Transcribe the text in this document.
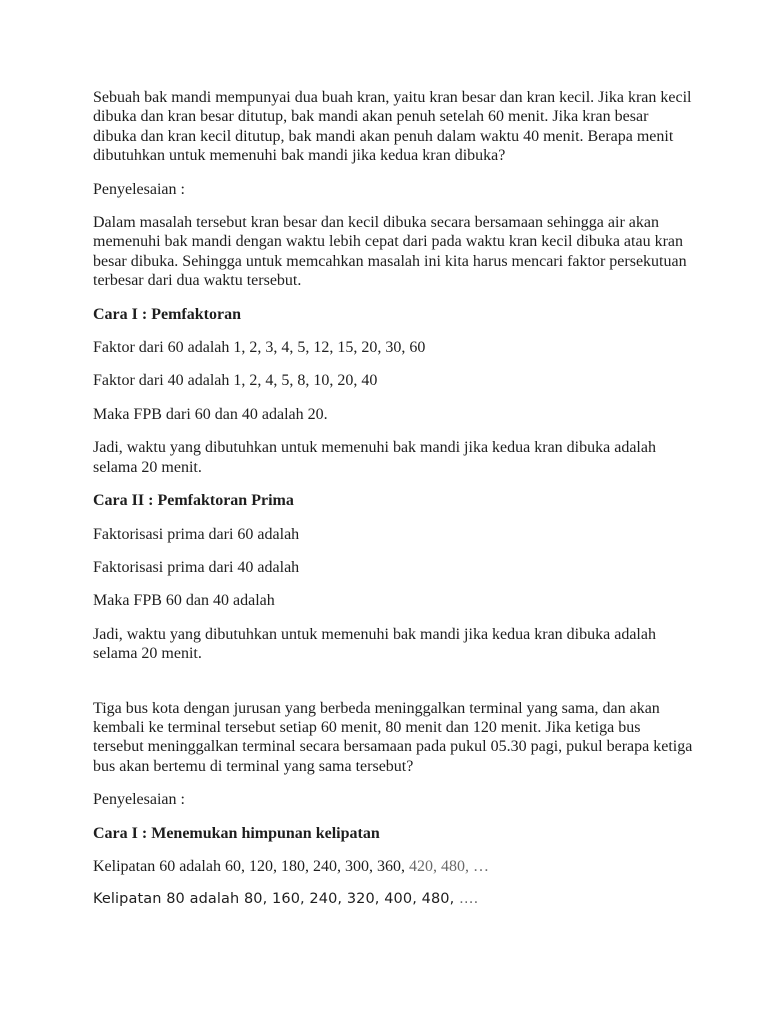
Sebuah bak mandi mempunyai dua buah kran, yaitu kran besar dan kran kecil. Jika kran kecil dibuka dan kran besar ditutup, bak mandi akan penuh setelah 60 menit. Jika kran besar dibuka dan kran kecil ditutup, bak mandi akan penuh dalam waktu 40 menit. Berapa menit dibutuhkan untuk memenuhi bak mandi jika kedua kran dibuka?

Penyelesaian :

Dalam masalah tersebut kran besar dan kecil dibuka secara bersamaan sehingga air akan memenuhi bak mandi dengan waktu lebih cepat dari pada waktu kran kecil dibuka atau kran besar dibuka. Sehingga untuk memcahkan masalah ini kita harus mencari faktor persekutuan terbesar dari dua waktu tersebut.

Cara I : Pemfaktoran

Faktor dari 60 adalah 1, 2, 3, 4, 5, 12, 15, 20, 30, 60

Faktor dari 40 adalah 1, 2, 4, 5, 8, 10, 20, 40

Maka FPB dari 60 dan 40 adalah 20.

Jadi, waktu yang dibutuhkan untuk memenuhi bak mandi jika kedua kran dibuka adalah selama 20 menit.

Cara II : Pemfaktoran Prima

Faktorisasi prima dari 60 adalah

Faktorisasi prima dari 40 adalah

Maka FPB 60 dan 40 adalah

Jadi, waktu yang dibutuhkan untuk memenuhi bak mandi jika kedua kran dibuka adalah selama 20 menit.

Tiga bus kota dengan jurusan yang berbeda meninggalkan terminal yang sama, dan akan kembali ke terminal tersebut setiap 60 menit, 80 menit dan 120 menit. Jika ketiga bus tersebut meninggalkan terminal secara bersamaan pada pukul 05.30 pagi, pukul berapa ketiga bus akan bertemu di terminal yang sama tersebut?

Penyelesaian :

Cara I : Menemukan himpunan kelipatan

Kelipatan 60 adalah 60, 120, 180, 240, 300, 360, 420, 480, …

Kelipatan 80 adalah 80, 160, 240, 320, 400, 480, ….
